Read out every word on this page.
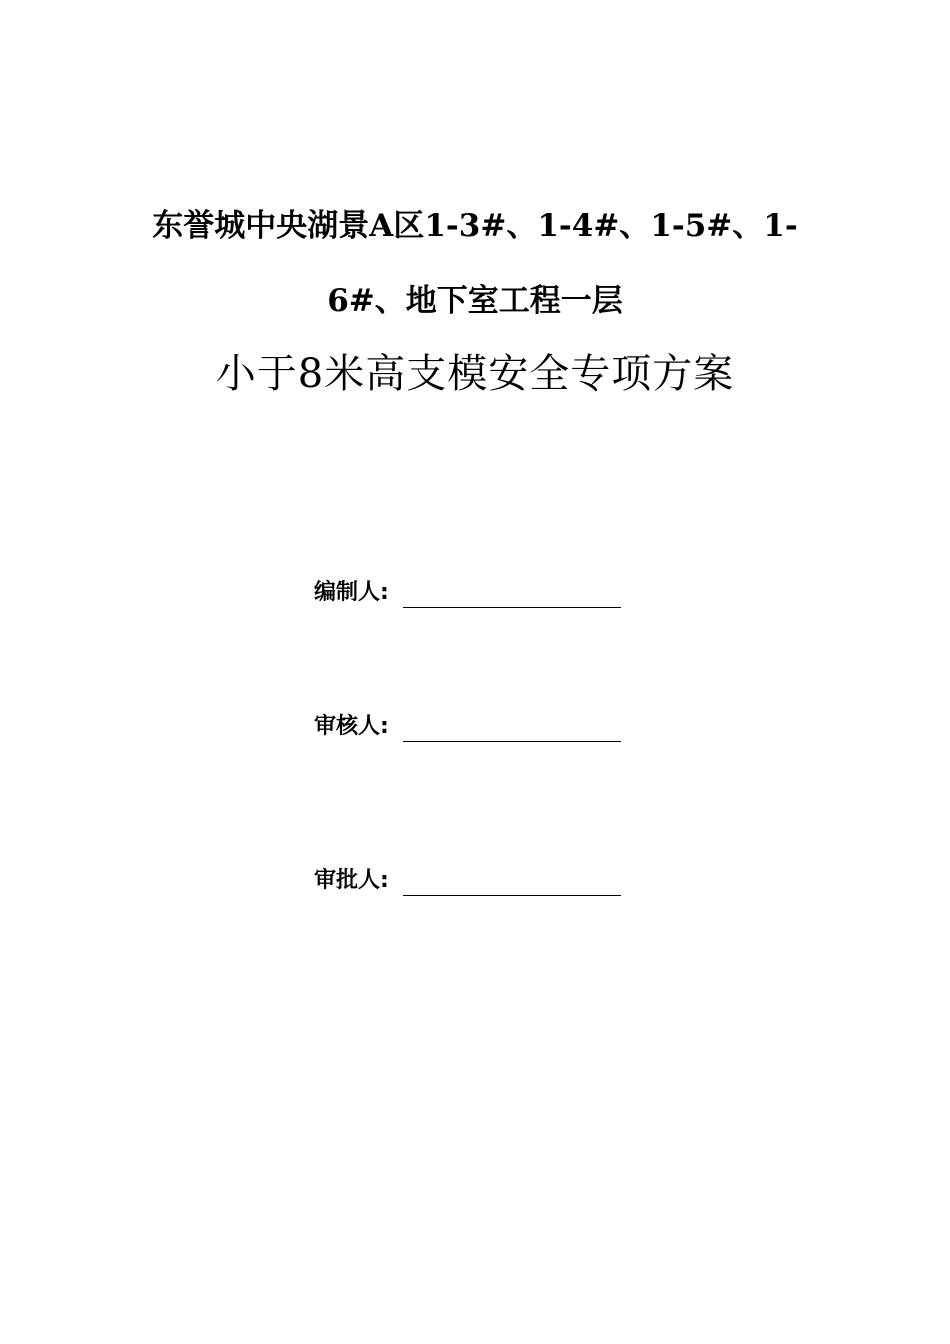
东誉城中央湖景A区1-3#、1-4#、1-5#、1-
6#、地下室工程一层
小于8米高支模安全专项方案
编制人:
审核人:
审批人:
